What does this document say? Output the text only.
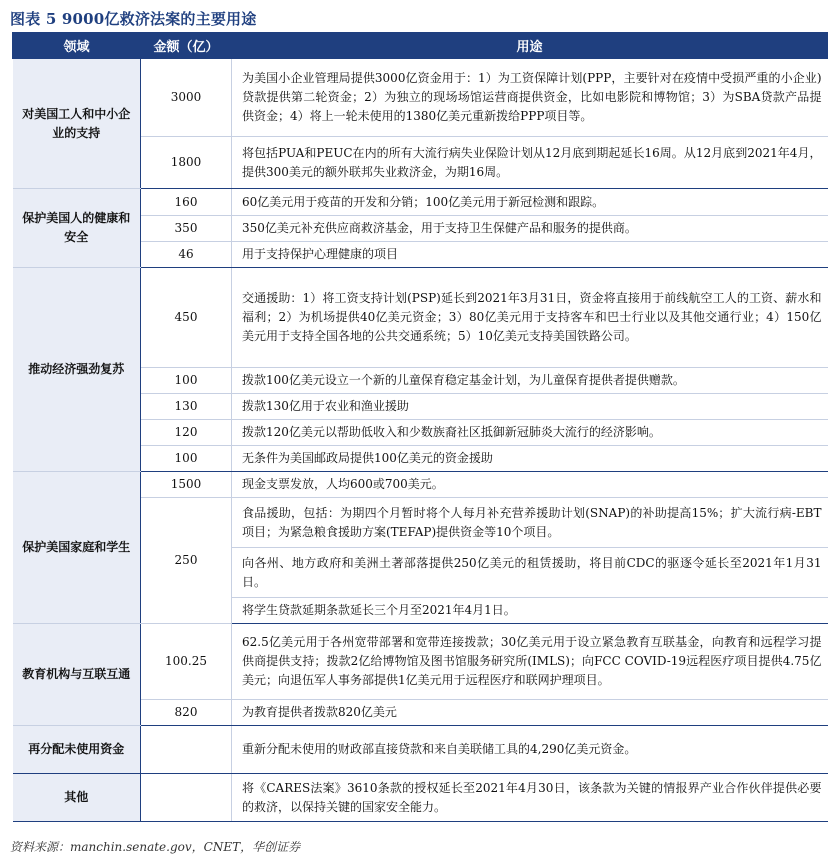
图表 5 9000亿救济法案的主要用途
领域	金额（亿）	用途
对美国工人和中小企业的支持	3000	为美国小企业管理局提供3000亿资金用于：1）为工资保障计划(PPP，主要针对在疫情中受损严重的小企业)贷款提供第二轮资金；2）为独立的现场场馆运营商提供资金，比如电影院和博物馆；3）为SBA贷款产品提供资金；4）将上一轮未使用的1380亿美元重新拨给PPP项目等。
	1800	将包括PUA和PEUC在内的所有大流行病失业保险计划从12月底到期起延长16周。从12月底到2021年4月，提供300美元的额外联邦失业救济金，为期16周。
保护美国人的健康和安全	160	60亿美元用于疫苗的开发和分销；100亿美元用于新冠检测和跟踪。
	350	350亿美元补充供应商救济基金，用于支持卫生保健产品和服务的提供商。
	46	用于支持保护心理健康的项目
推动经济强劲复苏	450	交通援助：1）将工资支持计划(PSP)延长到2021年3月31日，资金将直接用于前线航空工人的工资、薪水和福利；2）为机场提供40亿美元资金；3）80亿美元用于支持客车和巴士行业以及其他交通行业；4）150亿美元用于支持全国各地的公共交通系统；5）10亿美元支持美国铁路公司。
	100	拨款100亿美元设立一个新的儿童保育稳定基金计划，为儿童保育提供者提供赠款。
	130	拨款130亿用于农业和渔业援助
	120	拨款120亿美元以帮助低收入和少数族裔社区抵御新冠肺炎大流行的经济影响。
	100	无条件为美国邮政局提供100亿美元的资金援助
保护美国家庭和学生	1500	现金支票发放，人均600或700美元。
	250	食品援助，包括：为期四个月暂时将个人每月补充营养援助计划(SNAP)的补助提高15%；扩大流行病-EBT项目；为紧急粮食援助方案(TEFAP)提供资金等10个项目。
		向各州、地方政府和美洲土著部落提供250亿美元的租赁援助，将目前CDC的驱逐令延长至2021年1月31日。
		将学生贷款延期条款延长三个月至2021年4月1日。
教育机构与互联互通	100.25	62.5亿美元用于各州宽带部署和宽带连接拨款；30亿美元用于设立紧急教育互联基金，向教育和远程学习提供商提供支持；拨款2亿给博物馆及图书馆服务研究所(IMLS)；向FCC COVID-19远程医疗项目提供4.75亿美元；向退伍军人事务部提供1亿美元用于远程医疗和联网护理项目。
	820	为教育提供者拨款820亿美元
再分配未使用资金		重新分配未使用的财政部直接贷款和来自美联储工具的4,290亿美元资金。
其他		将《CARES法案》3610条款的授权延长至2021年4月30日，该条款为关键的情报界产业合作伙伴提供必要的救济，以保持关键的国家安全能力。
资料来源：manchin.senate.gov，CNET，华创证券
